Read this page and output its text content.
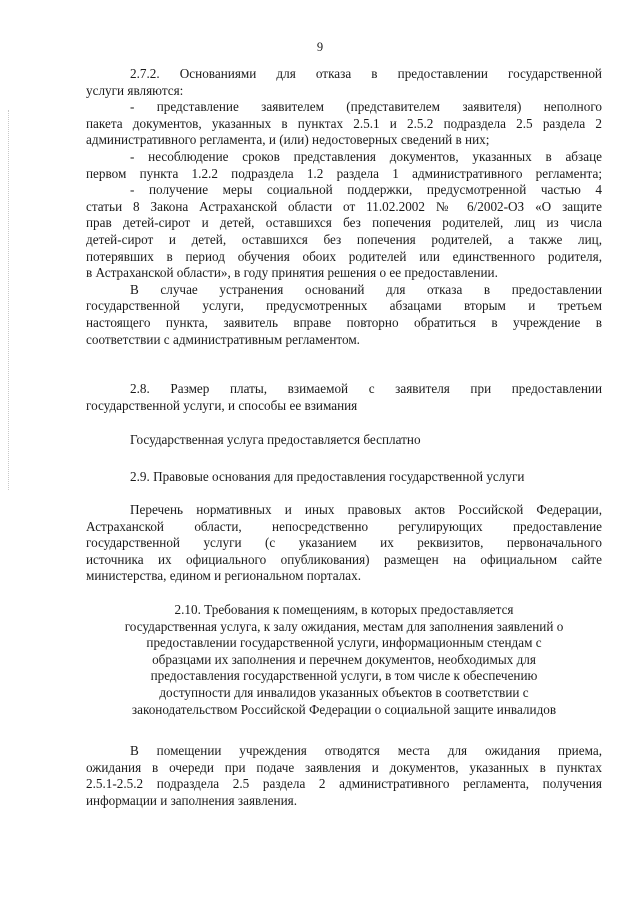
9
2.7.2. Основаниями для отказа в предоставлении государственной
услуги являются:
- представление заявителем (представителем заявителя) неполного
пакета документов, указанных в пунктах 2.5.1 и 2.5.2 подраздела 2.5 раздела 2
административного регламента, и (или) недостоверных сведений в них;
- несоблюдение сроков представления документов, указанных в абзаце
первом пункта 1.2.2 подраздела 1.2 раздела 1 административного регламента;
- получение меры социальной поддержки, предусмотренной частью 4
статьи 8 Закона Астраханской области от 11.02.2002 № 6/2002-ОЗ «О защите
прав детей-сирот и детей, оставшихся без попечения родителей, лиц из числа
детей-сирот и детей, оставшихся без попечения родителей, а также лиц,
потерявших в период обучения обоих родителей или единственного родителя,
в Астраханской области», в году принятия решения о ее предоставлении.
В случае устранения оснований для отказа в предоставлении
государственной услуги, предусмотренных абзацами вторым и третьем
настоящего пункта, заявитель вправе повторно обратиться в учреждение в
соответствии с административным регламентом.
2.8. Размер платы, взимаемой с заявителя при предоставлении
государственной услуги, и способы ее взимания
Государственная услуга предоставляется бесплатно
2.9. Правовые основания для предоставления государственной услуги
Перечень нормативных и иных правовых актов Российской Федерации,
Астраханской области, непосредственно регулирующих предоставление
государственной услуги (с указанием их реквизитов, первоначального
источника их официального опубликования) размещен на официальном сайте
министерства, едином и региональном порталах.
2.10. Требования к помещениям, в которых предоставляется
государственная услуга, к залу ожидания, местам для заполнения заявлений о
предоставлении государственной услуги, информационным стендам с
образцами их заполнения и перечнем документов, необходимых для
предоставления государственной услуги, в том числе к обеспечению
доступности для инвалидов указанных объектов в соответствии с
законодательством Российской Федерации о социальной защите инвалидов
В помещении учреждения отводятся места для ожидания приема,
ожидания в очереди при подаче заявления и документов, указанных в пунктах
2.5.1-2.5.2 подраздела 2.5 раздела 2 административного регламента, получения
информации и заполнения заявления.
